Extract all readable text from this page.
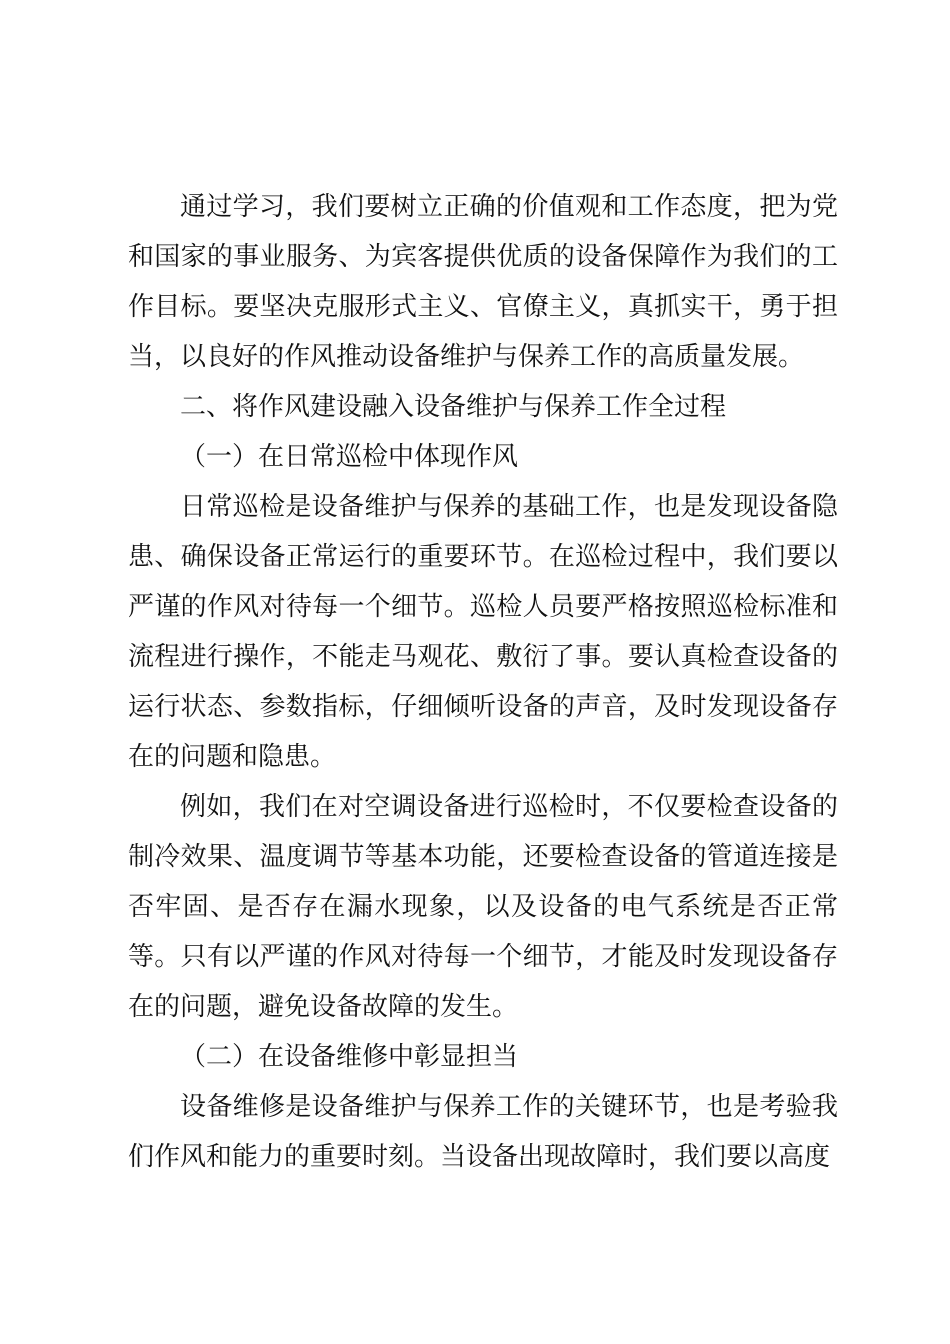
通过学习，我们要树立正确的价值观和工作态度，把为党和国家的事业服务、为宾客提供优质的设备保障作为我们的工作目标。要坚决克服形式主义、官僚主义，真抓实干，勇于担当，以良好的作风推动设备维护与保养工作的高质量发展。

二、将作风建设融入设备维护与保养工作全过程

（一）在日常巡检中体现作风

日常巡检是设备维护与保养的基础工作，也是发现设备隐患、确保设备正常运行的重要环节。在巡检过程中，我们要以严谨的作风对待每一个细节。巡检人员要严格按照巡检标准和流程进行操作，不能走马观花、敷衍了事。要认真检查设备的运行状态、参数指标，仔细倾听设备的声音，及时发现设备存在的问题和隐患。

例如，我们在对空调设备进行巡检时，不仅要检查设备的制冷效果、温度调节等基本功能，还要检查设备的管道连接是否牢固、是否存在漏水现象，以及设备的电气系统是否正常等。只有以严谨的作风对待每一个细节，才能及时发现设备存在的问题，避免设备故障的发生。

（二）在设备维修中彰显担当

设备维修是设备维护与保养工作的关键环节，也是考验我们作风和能力的重要时刻。当设备出现故障时，我们要以高度
